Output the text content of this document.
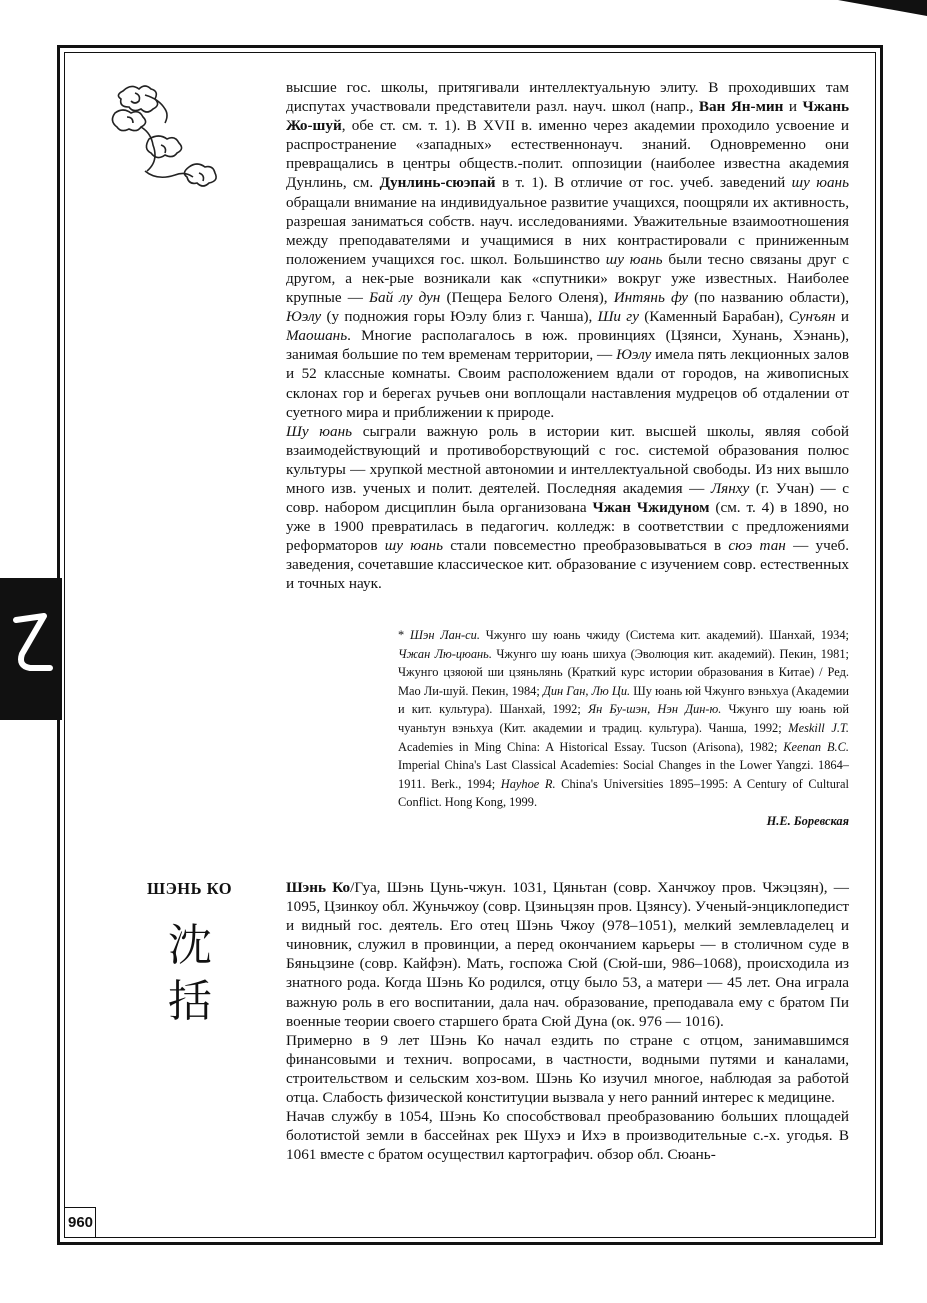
высшие гос. школы, притягивали интеллектуальную элиту. В проходивших там диспутах участвовали представители разл. науч. школ (напр., Ван Ян-мин и Чжань Жо-шуй, обе ст. см. т. 1). В XVII в. именно через академии проходило усвоение и распространение «западных» естественнонауч. знаний. Одновременно они превращались в центры обществ.-полит. оппозиции (наиболее известна академия Дунлинь, см. Дунлинь-сюэпай в т. 1). В отличие от гос. учеб. заведений шу юань обращали внимание на индивидуальное развитие учащихся, поощряли их активность, разрешая заниматься собств. науч. исследованиями. Уважительные взаимоотношения между преподавателями и учащимися в них контрастировали с приниженным положением учащихся гос. школ. Большинство шу юань были тесно связаны друг с другом, а нек-рые возникали как «спутники» вокруг уже известных. Наиболее крупные — Бай лу дун (Пещера Белого Оленя), Интянь фу (по названию области), Юэлу (у подножия горы Юэлу близ г. Чанша), Ши гу (Каменный Барабан), Сунъян и Маошань. Многие располагалось в юж. провинциях (Цзянси, Хунань, Хэнань), занимая большие по тем временам территории, — Юэлу имела пять лекционных залов и 52 классные комнаты. Своим расположением вдали от городов, на живописных склонах гор и берегах ручьев они воплощали наставления мудрецов об отдалении от суетного мира и приближении к природе.

Шу юань сыграли важную роль в истории кит. высшей школы, являя собой взаимодействующий и противоборствующий с гос. системой образования полюс культуры — хрупкой местной автономии и интеллектуальной свободы. Из них вышло много изв. ученых и полит. деятелей. Последняя академия — Лянху (г. Учан) — с совр. набором дисциплин была организована Чжан Чжидуном (см. т. 4) в 1890, но уже в 1900 превратилась в педагогич. колледж: в соответствии с предложениями реформаторов шу юань стали повсеместно преобразовываться в сюэ тан — учеб. заведения, сочетавшие классическое кит. образование с изучением совр. естественных и точных наук.

* Шэн Лан-си. Чжунго шу юань чжиду (Система кит. академий). Шанхай, 1934; Чжан Лю-цюань. Чжунго шу юань шихуа (Эволюция кит. академий). Пекин, 1981; Чжунго цзяоюй ши цзяньлянь (Краткий курс истории образования в Китае) / Ред. Мао Ли-шуй. Пекин, 1984; Дин Ган, Лю Ци. Шу юань юй Чжунго вэньхуа (Академии и кит. культура). Шанхай, 1992; Ян Бу-шэн, Нэн Дин-ю. Чжунго шу юань юй чуаньтун вэньхуа (Кит. академии и традиц. культура). Чанша, 1992; Meskill J.T. Academies in Ming China: A Historical Essay. Tucson (Arisona), 1982; Keenan B.C. Imperial China's Last Classical Academies: Social Changes in the Lower Yangzi. 1864–1911. Berk., 1994; Hayhoe R. China's Universities 1895–1995: A Century of Cultural Conflict. Hong Kong, 1999.
Н.Е. Боревская
ШЭНЬ КО
沈
括

Шэнь Ко/Гуа, Шэнь Цунь-чжун. 1031, Цяньтан (совр. Ханчжоу пров. Чжэцзян), — 1095, Цзинкоу обл. Жуньчжоу (совр. Цзиньцзян пров. Цзянсу). Ученый-энциклопедист и видный гос. деятель. Его отец Шэнь Чжоу (978–1051), мелкий землевладелец и чиновник, служил в провинции, а перед окончанием карьеры — в столичном суде в Бяньцзине (совр. Кайфэн). Мать, госпожа Сюй (Сюй-ши, 986–1068), происходила из знатного рода. Когда Шэнь Ко родился, отцу было 53, а матери — 45 лет. Она играла важную роль в его воспитании, дала нач. образование, преподавала ему с братом Пи военные теории своего старшего брата Сюй Дуна (ок. 976 — 1016).

Примерно в 9 лет Шэнь Ко начал ездить по стране с отцом, занимавшимся финансовыми и технич. вопросами, в частности, водными путями и каналами, строительством и сельским хоз-вом. Шэнь Ко изучил многое, наблюдая за работой отца. Слабость физической конституции вызвала у него ранний интерес к медицине.

Начав службу в 1054, Шэнь Ко способствовал преобразованию больших площадей болотистой земли в бассейнах рек Шухэ и Ихэ в производительные с.-х. угодья. В 1061 вместе с братом осуществил картографич. обзор обл. Сюань-

960
